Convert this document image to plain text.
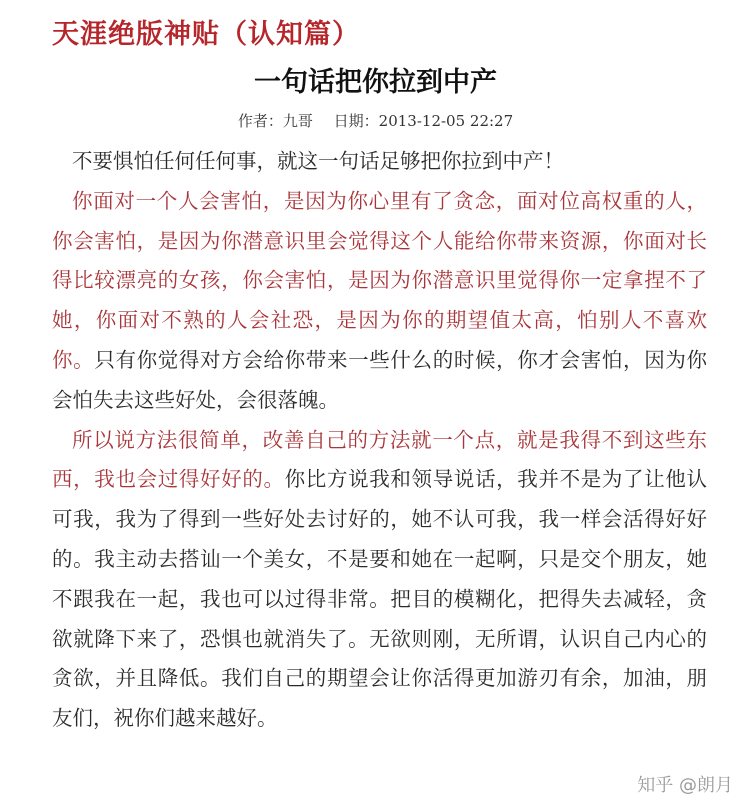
天涯绝版神贴（认知篇）
一句话把你拉到中产
作者：九哥 日期：2013-12-05 22:27

不要惧怕任何任何事，就这一句话足够把你拉到中产！

你面对一个人会害怕，是因为你心里有了贪念，面对位高权重的人，你会害怕，是因为你潜意识里会觉得这个人能给你带来资源，你面对长得比较漂亮的女孩，你会害怕，是因为你潜意识里觉得你一定拿捏不了她，你面对不熟的人会社恐，是因为你的期望值太高，怕别人不喜欢你。只有你觉得对方会给你带来一些什么的时候，你才会害怕，因为你会怕失去这些好处，会很落魄。

所以说方法很简单，改善自己的方法就一个点，就是我得不到这些东西，我也会过得好好的。你比方说我和领导说话，我并不是为了让他认可我，我为了得到一些好处去讨好的，她不认可我，我一样会活得好好的。我主动去搭讪一个美女，不是要和她在一起啊，只是交个朋友，她不跟我在一起，我也可以过得非常。把目的模糊化，把得失去减轻，贪欲就降下来了，恐惧也就消失了。无欲则刚，无所谓，认识自己内心的贪欲，并且降低。我们自己的期望会让你活得更加游刃有余，加油，朋友们，祝你们越来越好。

知乎 @朗月
